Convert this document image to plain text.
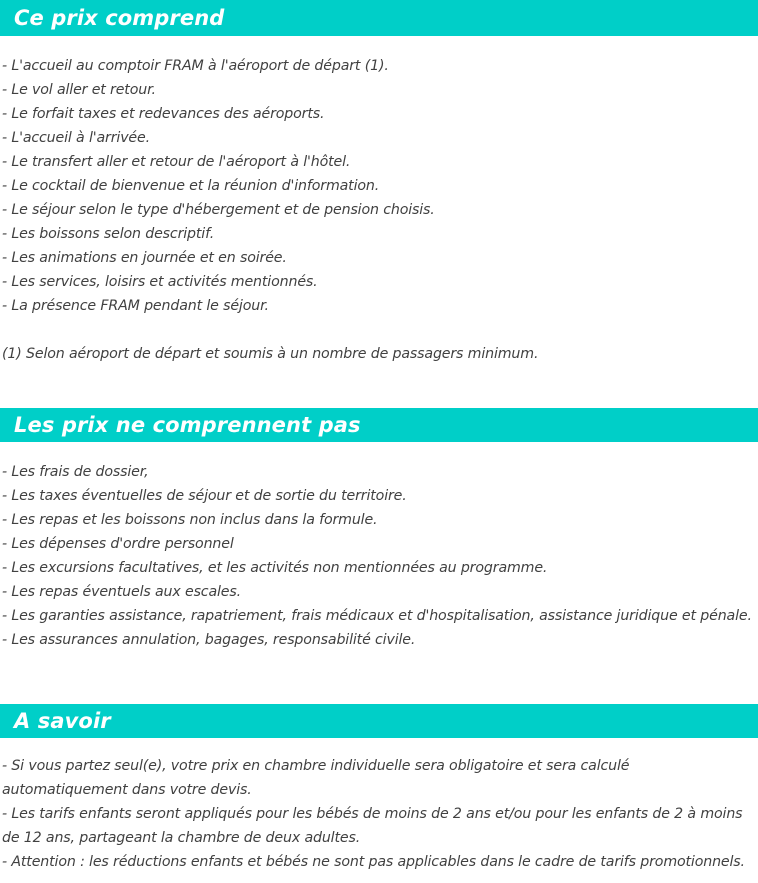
Ce prix comprend
- L'accueil au comptoir FRAM à l'aéroport de départ (1).
- Le vol aller et retour.
- Le forfait taxes et redevances des aéroports.
- L'accueil à l'arrivée.
- Le transfert aller et retour de l'aéroport à l'hôtel.
- Le cocktail de bienvenue et la réunion d'information.
- Le séjour selon le type d'hébergement et de pension choisis.
- Les boissons selon descriptif.
- Les animations en journée et en soirée.
- Les services, loisirs et activités mentionnés.
- La présence FRAM pendant le séjour.
(1) Selon aéroport de départ et soumis à un nombre de passagers minimum.
Les prix ne comprennent pas
- Les frais de dossier,
- Les taxes éventuelles de séjour et de sortie du territoire.
- Les repas et les boissons non inclus dans la formule.
- Les dépenses d'ordre personnel
- Les excursions facultatives, et les activités non mentionnées au programme.
- Les repas éventuels aux escales.
- Les garanties assistance, rapatriement, frais médicaux et d'hospitalisation, assistance juridique et pénale.
- Les assurances annulation, bagages, responsabilité civile.
A savoir
- Si vous partez seul(e), votre prix en chambre individuelle sera obligatoire et sera calculé automatiquement dans votre devis.
- Les tarifs enfants seront appliqués pour les bébés de moins de 2 ans et/ou pour les enfants de 2 à moins de 12 ans, partageant la chambre de deux adultes.
- Attention : les réductions enfants et bébés ne sont pas applicables dans le cadre de tarifs promotionnels.
